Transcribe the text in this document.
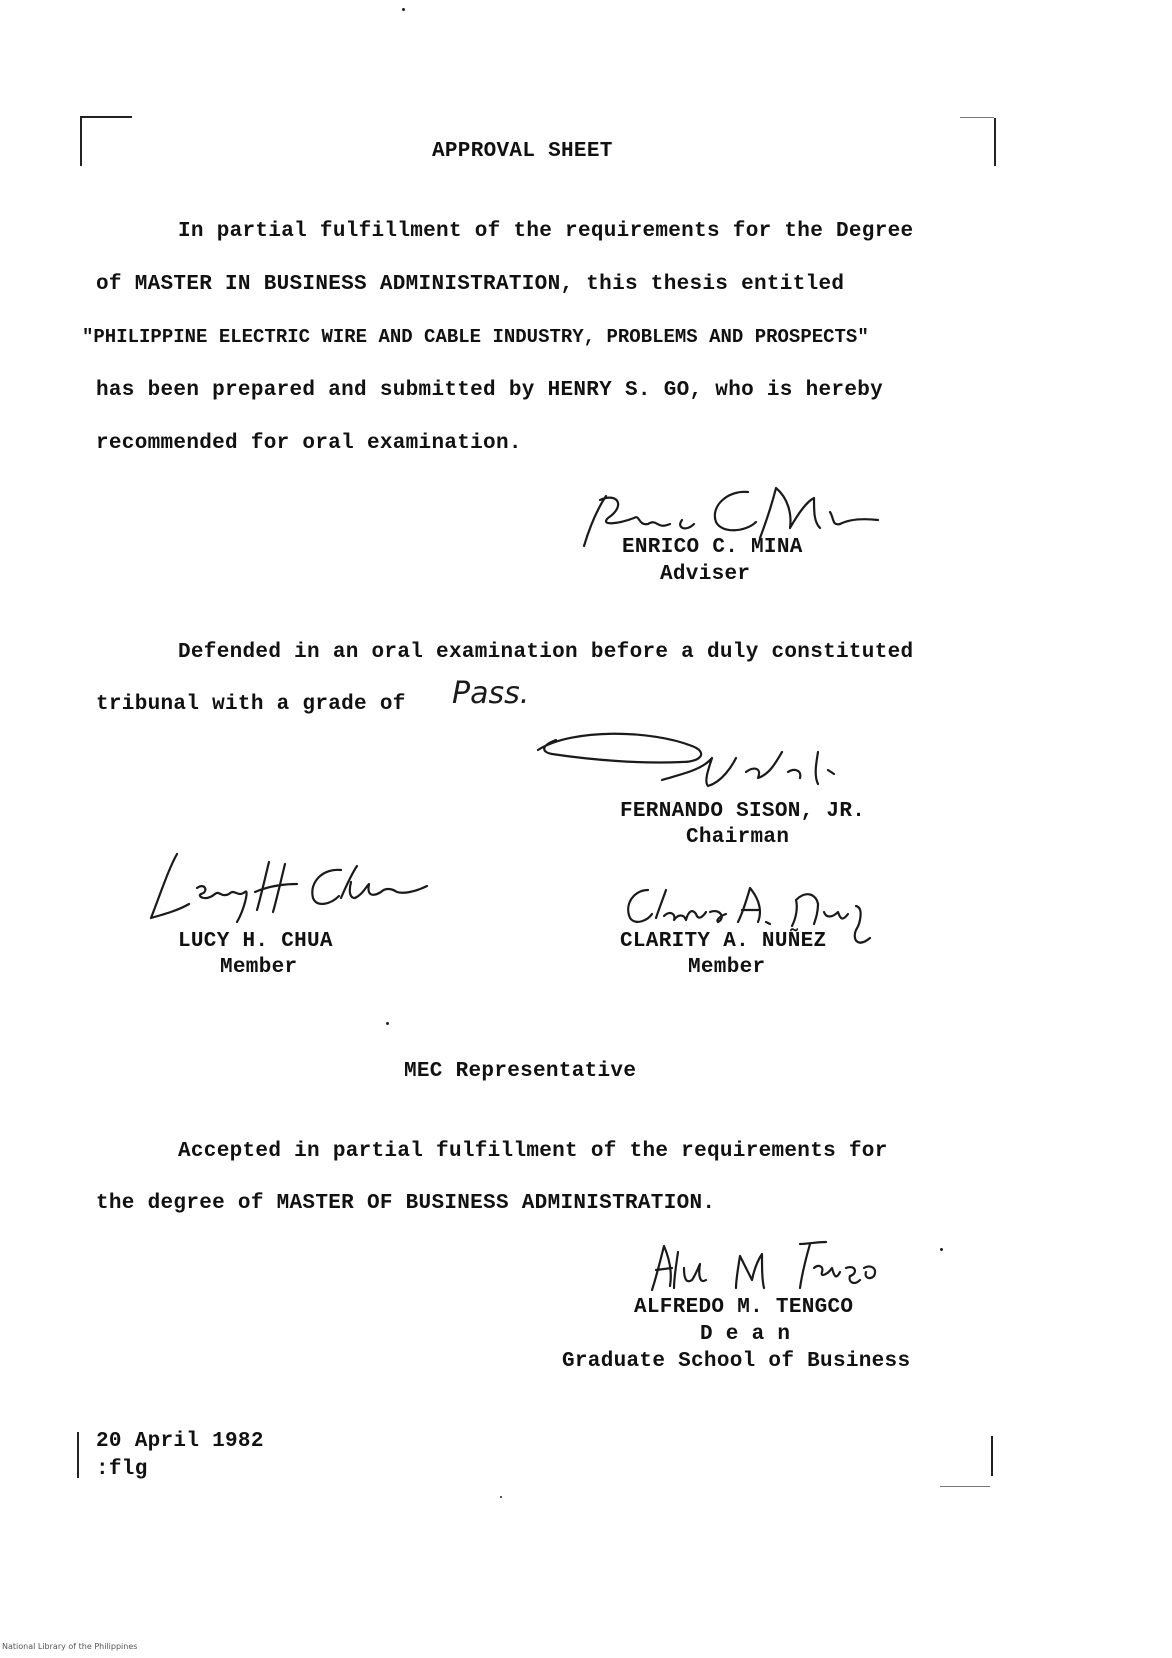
APPROVAL SHEET
In partial fulfillment of the requirements for the Degree
of MASTER IN BUSINESS ADMINISTRATION, this thesis entitled
"PHILIPPINE ELECTRIC WIRE AND CABLE INDUSTRY, PROBLEMS AND PROSPECTS"
has been prepared and submitted by HENRY S. GO, who is hereby
recommended for oral examination.
ENRICO C. MINA
Adviser
Defended in an oral examination before a duly constituted
tribunal with a grade of Pass.
FERNANDO SISON, JR.
Chairman
LUCY H. CHUA
Member
CLARITY A. NUÑEZ
Member
MEC Representative
Accepted in partial fulfillment of the requirements for
the degree of MASTER OF BUSINESS ADMINISTRATION.
ALFREDO M. TENGCO
D e a n
Graduate School of Business
20 April 1982
:flg
National Library of the Philippines
